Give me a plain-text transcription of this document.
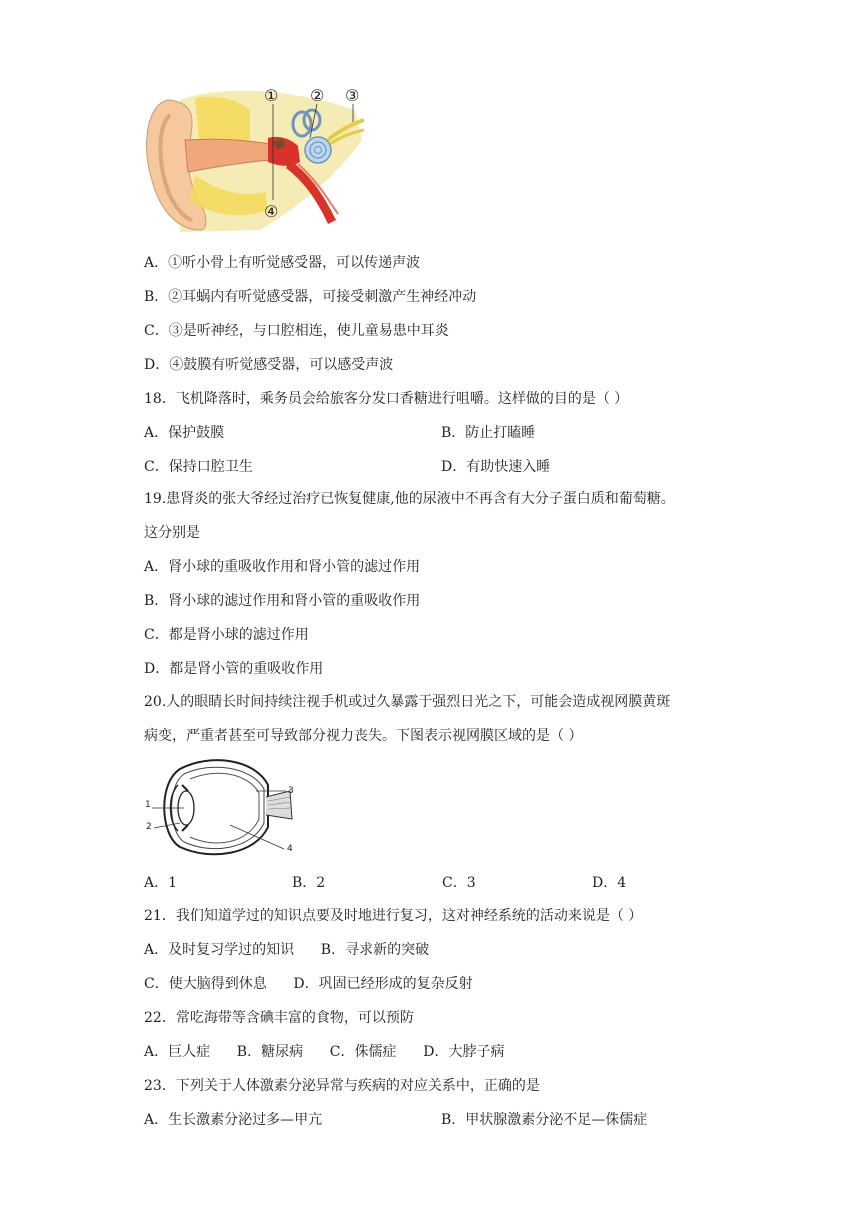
① ② ③
④
A．①听小骨上有听觉感受器，可以传递声波
B．②耳蜗内有听觉感受器，可接受刺激产生神经冲动
C．③是听神经，与口腔相连，使儿童易患中耳炎
D．④鼓膜有听觉感受器，可以感受声波
18．飞机降落时，乘务员会给旅客分发口香糖进行咀嚼。这样做的目的是（ ）
A．保护鼓膜	B．防止打瞌睡
C．保持口腔卫生	D．有助快速入睡
19.患肾炎的张大爷经过治疗已恢复健康,他的尿液中不再含有大分子蛋白质和葡萄糖。
这分别是
A．肾小球的重吸收作用和肾小管的滤过作用
B．肾小球的滤过作用和肾小管的重吸收作用
C．都是肾小球的滤过作用
D．都是肾小管的重吸收作用
20.人的眼睛长时间持续注视手机或过久暴露于强烈日光之下，可能会造成视网膜黄斑
病变，严重者甚至可导致部分视力丧失。下图表示视网膜区域的是（ ）
1
2
3
4
A．1	B．2	C．3	D．4
21．我们知道学过的知识点要及时地进行复习，这对神经系统的活动来说是（ ）
A．及时复习学过的知识      B．寻求新的突破
C．使大脑得到休息      D．巩固已经形成的复杂反射
22．常吃海带等含碘丰富的食物，可以预防
A．巨人症      B．糖尿病      C．侏儒症      D．大脖子病
23．下列关于人体激素分泌异常与疾病的对应关系中，正确的是
A．生长激素分泌过多—甲亢	B．甲状腺激素分泌不足—侏儒症
